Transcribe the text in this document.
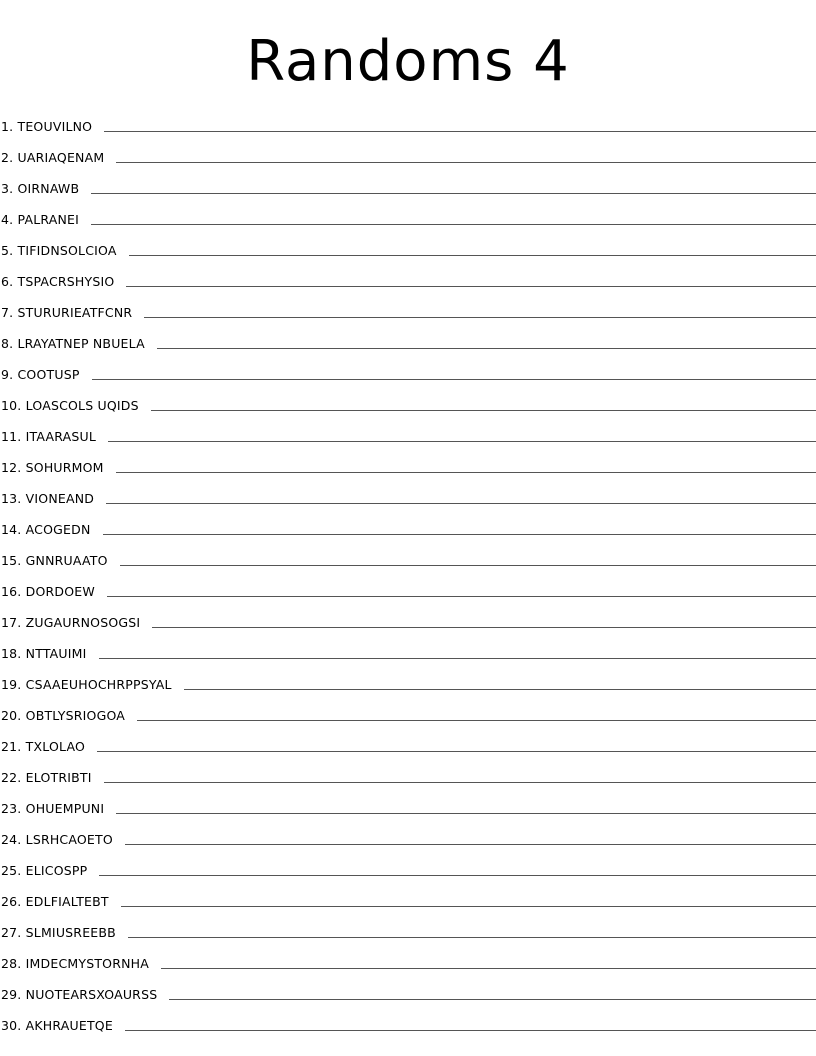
Randoms 4
1. TEOUVILNO
2. UARIAQENAM
3. OIRNAWB
4. PALRANEI
5. TIFIDNSOLCIOA
6. TSPACRSHYSIO
7. STURURIEATFCNR
8. LRAYATNEP NBUELA
9. COOTUSP
10. LOASCOLS UQIDS
11. ITAARASUL
12. SOHURMOM
13. VIONEAND
14. ACOGEDN
15. GNNRUAATO
16. DORDOEW
17. ZUGAURNOSOGSI
18. NTTAUIMI
19. CSAAEUHOCHRPPSYAL
20. OBTLYSRIOGOA
21. TXLOLAO
22. ELOTRIBTI
23. OHUEMPUNI
24. LSRHCAOETO
25. ELICOSPP
26. EDLFIALTEBT
27. SLMIUSREEBB
28. IMDECMYSTORNHA
29. NUOTEARSXOAURSS
30. AKHRAUETQE
